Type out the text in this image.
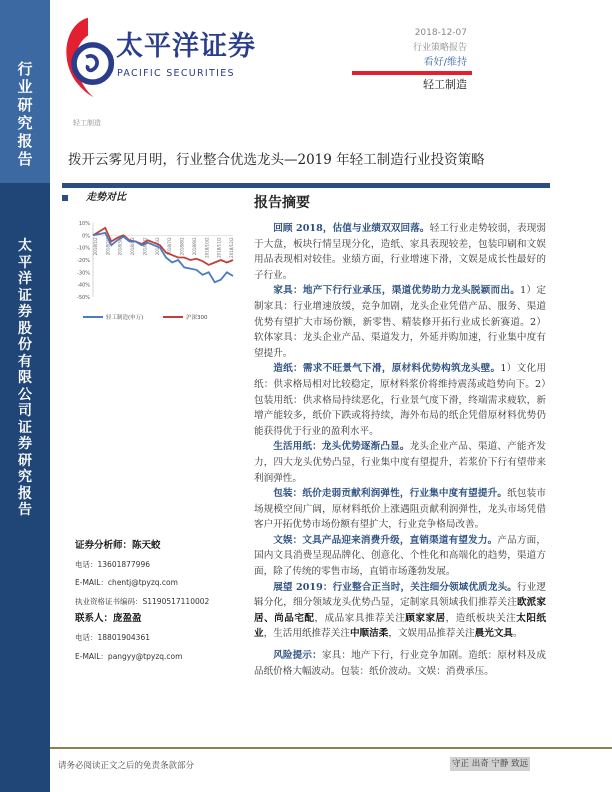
行业研究报告
太平洋证券股份有限公司证券研究报告
太平洋证券
PACIFIC SECURITIES
2018-12-07
行业策略报告
看好/维持
轻工制造
轻工制造
拨开云雾见月明，行业整合优选龙头—2019 年轻工制造行业投资策略
走势对比
10%
0%
-10%
-20%
-30%
-40%
-50%
2018/1/2 2018/2/2 2018/3/2 2018/4/2 2018/5/2 2018/6/2 2018/7/2 2018/8/2 2018/9/2 2018/10/2 2018/11/2 2018/12/2
轻工制造(申万)	沪深300
报告摘要

回顾 2018，估值与业绩双双回落。轻工行业走势较弱，表现弱于大盘，板块行情呈现分化，造纸、家具表现较差，包装印刷和文娱用品表现相对较佳。业绩方面，行业增速下滑，文娱是成长性最好的子行业。

家具：地产下行行业承压，渠道优势助力龙头脱颖而出。1）定制家具：行业增速放缓，竞争加剧，龙头企业凭借产品、服务、渠道优势有望扩大市场份额，新零售、精装修开拓行业成长新赛道。2）软体家具：龙头企业产品、渠道发力，外延并购加速，行业集中度有望提升。

造纸：需求不旺景气下滑，原材料优势构筑龙头壁。1）文化用纸：供求格局相对比较稳定，原材料浆价将维持震荡或趋势向下。2）包装用纸：供求格局持续恶化，行业景气度下滑，终端需求疲软，新增产能较多，纸价下跌或将持续，海外布局的纸企凭借原材料优势仍能获得优于行业的盈利水平。

生活用纸：龙头优势逐渐凸显。龙头企业产品、渠道、产能齐发力，四大龙头优势凸显，行业集中度有望提升，若浆价下行有望带来利润弹性。

包装：纸价走弱贡献利润弹性，行业集中度有望提升。纸包装市场规模空间广阔，原材料纸价上涨遇阻贡献利润弹性，龙头市场凭借客户开拓优势市场份额有望扩大，行业竞争格局改善。

文娱：文具产品迎来消费升级，直销渠道有望发力。产品方面，国内文具消费呈现品牌化、创意化、个性化和高端化的趋势，渠道方面，除了传统的零售市场，直销市场蓬勃发展。

展望 2019：行业整合正当时，关注细分领域优质龙头。行业逻辑分化，细分领域龙头优势凸显，定制家具领域我们推荐关注欧派家居、尚品宅配，成品家具推荐关注顾家家居，造纸板块关注太阳纸业，生活用纸推荐关注中顺洁柔，文娱用品推荐关注晨光文具。

风险提示：家具：地产下行，行业竞争加剧。造纸：原材料及成品纸价格大幅波动。包装：纸价波动。文娱：消费承压。

证券分析师：陈天蛟
电话：13601877996
E-MAIL：chentj@tpyzq.com
执业资格证书编码：S1190517110002
联系人：庞盈盈
电话：18801904361
E-MAIL：pangyy@tpyzq.com
请务必阅读正文之后的免责条款部分	守正 出奇 宁静 致远
